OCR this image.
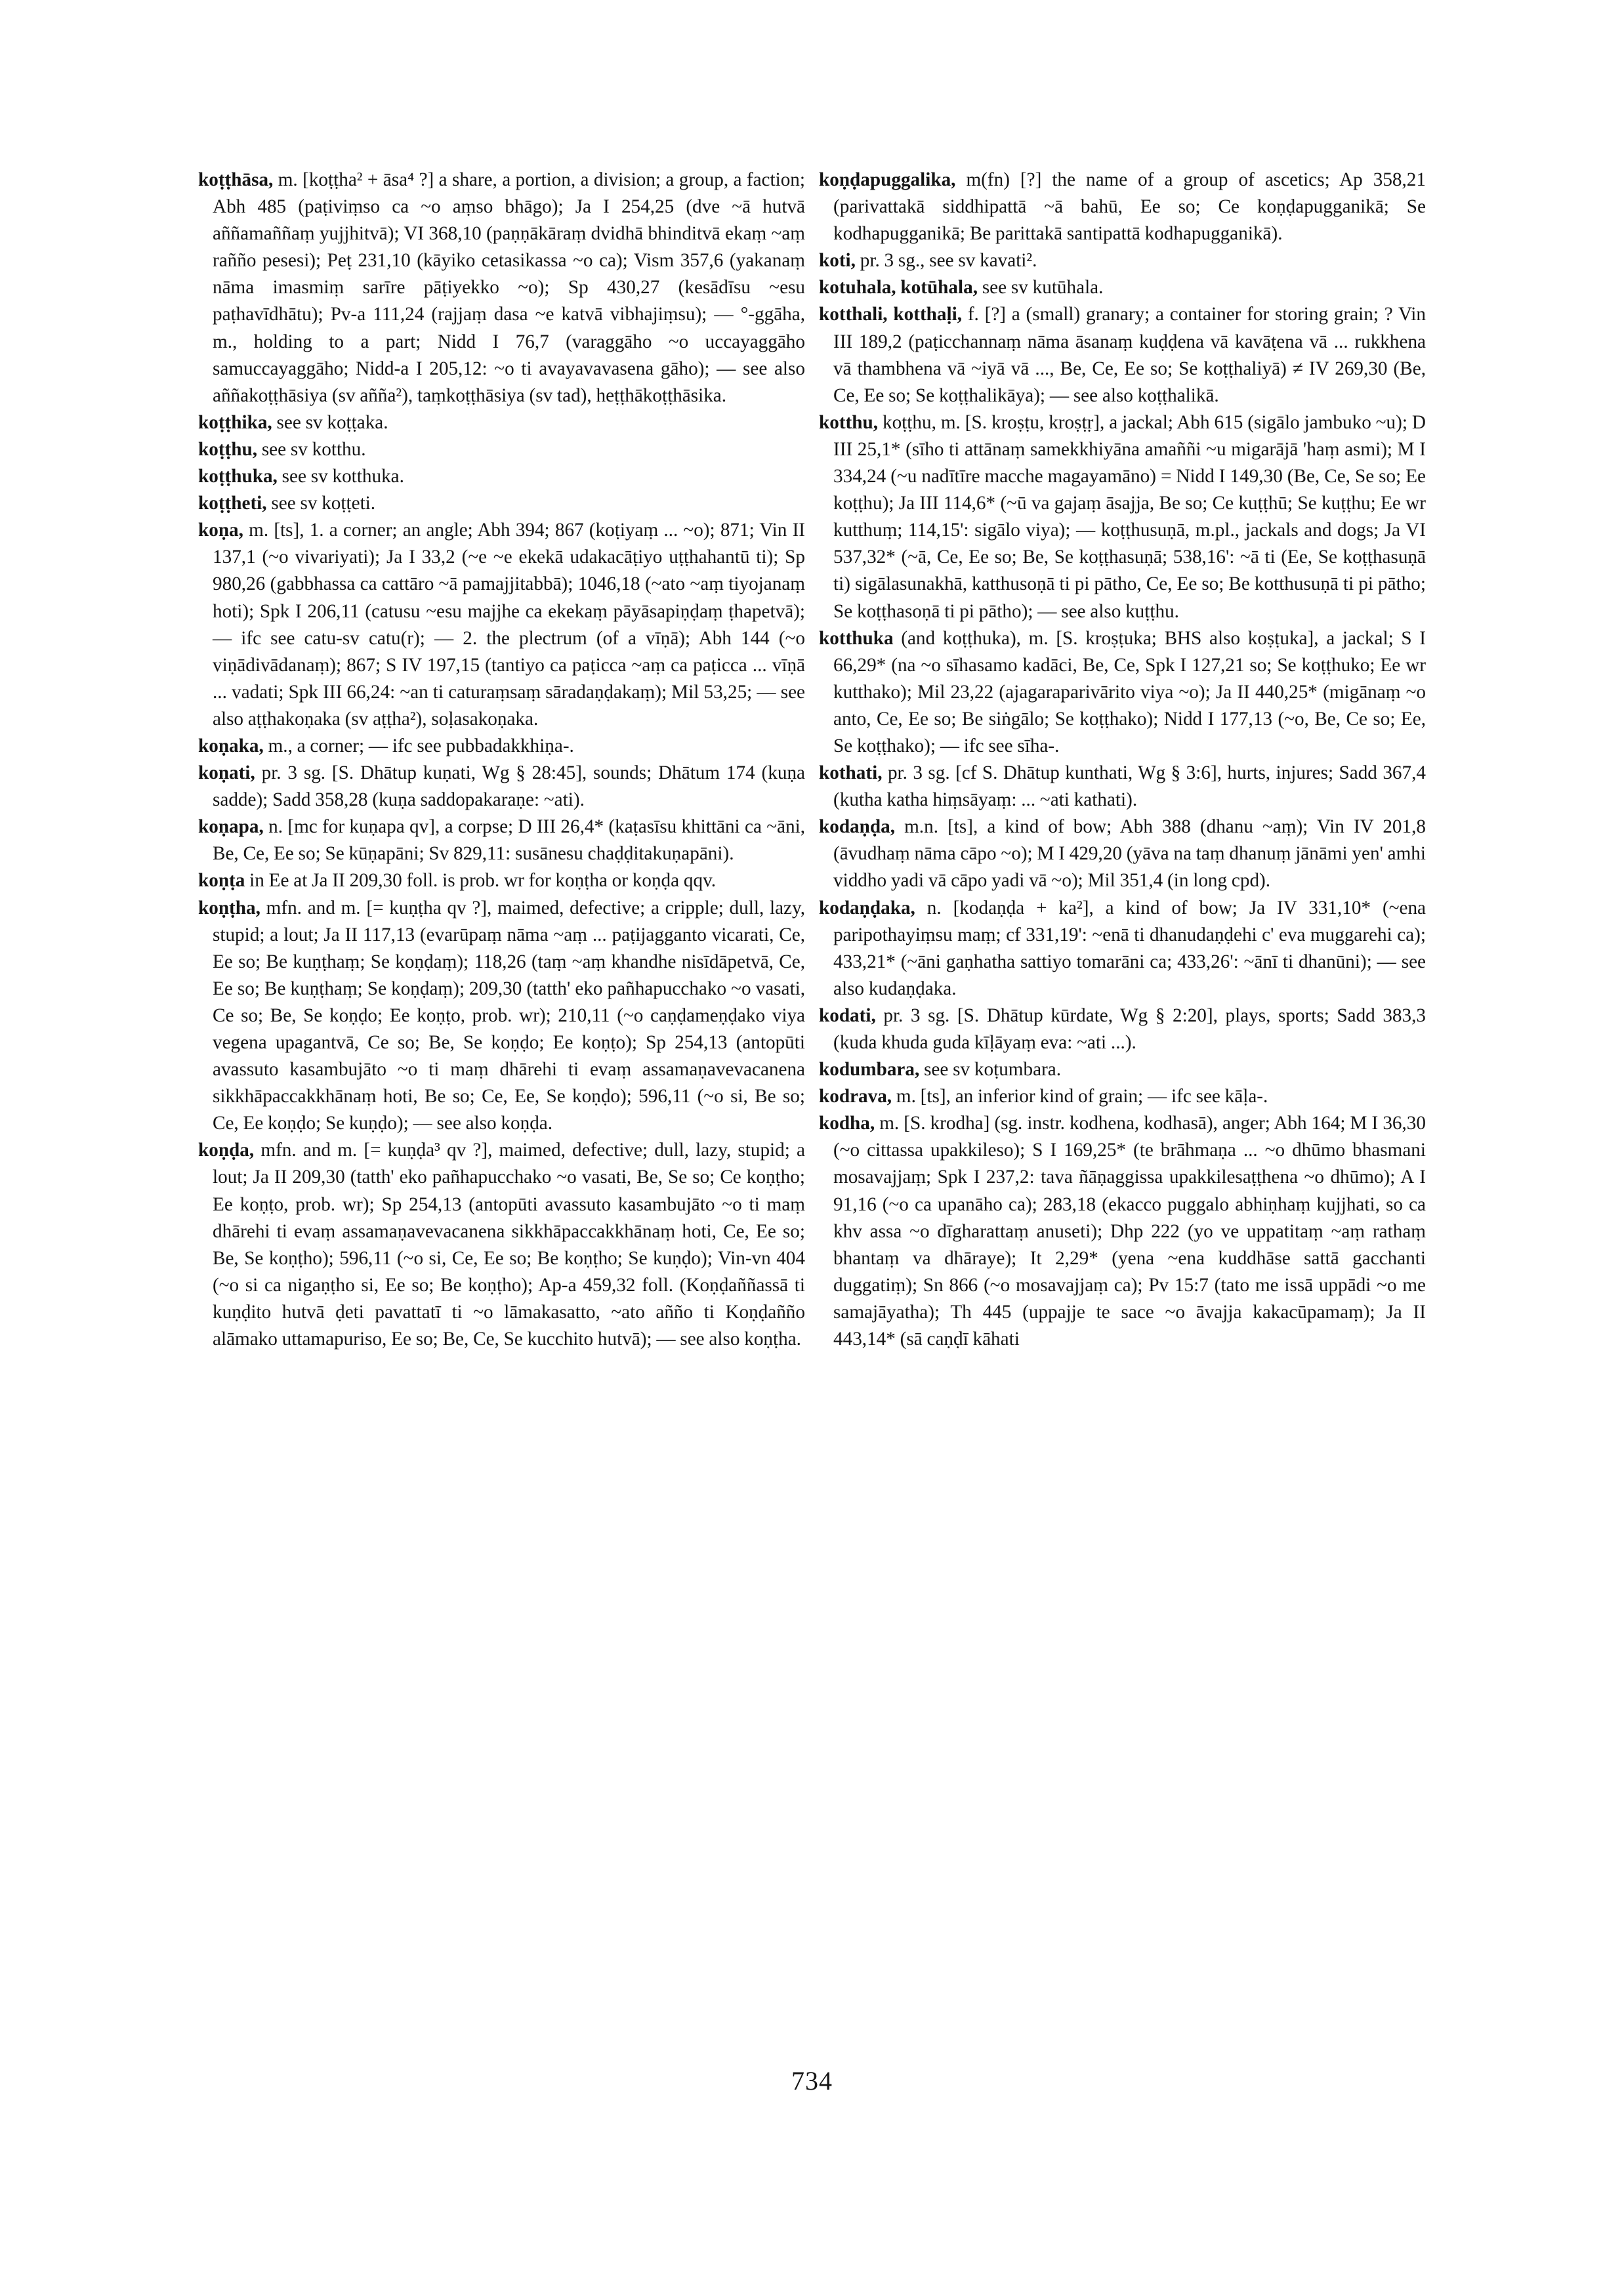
koṭṭhāsa, m. [koṭṭha² + āsa⁴ ?] a share, a portion, a division; a group, a faction; Abh 485 (paṭiviṃso ca ~o aṃso bhāgo); Ja I 254,25 (dve ~ā hutvā aññamaññaṃ yujjhitvā); VI 368,10 (paṇṇākāraṃ dvidhā bhinditvā ekaṃ ~aṃ rañño pesesi); Peṭ 231,10 (kāyiko cetasikassa ~o ca); Vism 357,6 (yakanaṃ nāma imasmiṃ sarīre pāṭiyekko ~o); Sp 430,27 (kesādīsu ~esu paṭhavīdhātu); Pv-a 111,24 (rajjaṃ dasa ~e katvā vibhajiṃsu); — °-ggāha, m., holding to a part; Nidd I 76,7 (varaggāho ~o uccayaggāho samuccayaggāho; Nidd-a I 205,12: ~o ti avayavavasena gāho); — see also aññakoṭṭhāsiya (sv añña²), taṃkoṭṭhāsiya (sv tad), heṭṭhākoṭṭhāsika.

koṭṭhika, see sv koṭṭaka.

koṭṭhu, see sv kotthu.

koṭṭhuka, see sv kotthuka.

koṭṭheti, see sv koṭṭeti.

koṇa, m. [ts], 1. a corner; an angle; Abh 394; 867 (koṭiyaṃ ... ~o); 871; Vin II 137,1 (~o vivariyati); Ja I 33,2 (~e ~e ekekā udakacāṭiyo uṭṭhahantū ti); Sp 980,26 (gabbhassa ca cattāro ~ā pamajjitabbā); 1046,18 (~ato ~aṃ tiyojanaṃ hoti); Spk I 206,11 (catusu ~esu majjhe ca ekekaṃ pāyāsapiṇḍaṃ ṭhapetvā); — ifc see catu-sv catu(r); — 2. the plectrum (of a vīṇā); Abh 144 (~o viṇādivādanaṃ); 867; S IV 197,15 (tantiyo ca paṭicca ~aṃ ca paṭicca ... vīṇā ... vadati; Spk III 66,24: ~an ti caturaṃsaṃ sāradaṇḍakaṃ); Mil 53,25; — see also aṭṭhakoṇaka (sv aṭṭha²), soḷasakoṇaka.

koṇaka, m., a corner; — ifc see pubbadakkhiṇa-.

koṇati, pr. 3 sg. [S. Dhātup kuṇati, Wg § 28:45], sounds; Dhātum 174 (kuṇa sadde); Sadd 358,28 (kuṇa saddopakaraṇe: ~ati).

koṇapa, n. [mc for kuṇapa qv], a corpse; D III 26,4* (kaṭasīsu khittāni ca ~āni, Be, Ce, Ee so; Se kūṇapāni; Sv 829,11: susānesu chaḍḍitakuṇapāni).

koṇṭa in Ee at Ja II 209,30 foll. is prob. wr for koṇṭha or koṇḍa qqv.

koṇṭha, mfn. and m. [= kuṇṭha qv ?], maimed, defective; a cripple; dull, lazy, stupid; a lout; Ja II 117,13 (evarūpaṃ nāma ~aṃ ... paṭijagganto vicarati, Ce, Ee so; Be kuṇṭhaṃ; Se koṇḍaṃ); 118,26 (taṃ ~aṃ khandhe nisīdāpetvā, Ce, Ee so; Be kuṇṭhaṃ; Se koṇḍaṃ); 209,30 (tatth' eko pañhapucchako ~o vasati, Ce so; Be, Se koṇḍo; Ee koṇṭo, prob. wr); 210,11 (~o caṇḍameṇḍako viya vegena upagantvā, Ce so; Be, Se koṇḍo; Ee koṇṭo); Sp 254,13 (antopūti avassuto kasambujāto ~o ti maṃ dhārehi ti evaṃ assamaṇavevacanena sikkhāpaccakkhānaṃ hoti, Be so; Ce, Ee, Se koṇḍo); 596,11 (~o si, Be so; Ce, Ee koṇḍo; Se kuṇḍo); — see also koṇḍa.

koṇḍa, mfn. and m. [= kuṇḍa³ qv ?], maimed, defective; dull, lazy, stupid; a lout; Ja II 209,30 (tatth' eko pañhapucchako ~o vasati, Be, Se so; Ce koṇṭho; Ee koṇṭo, prob. wr); Sp 254,13 (antopūti avassuto kasambujāto ~o ti maṃ dhārehi ti evaṃ assamaṇavevacanena sikkhāpaccakkhānaṃ hoti, Ce, Ee so; Be, Se koṇṭho); 596,11 (~o si, Ce, Ee so; Be koṇṭho; Se kuṇḍo); Vin-vn 404 (~o si ca nigaṇṭho si, Ee so; Be koṇṭho); Ap-a 459,32 foll. (Koṇḍaññassā ti kuṇḍito hutvā ḍeti pavattatī ti ~o lāmakasatto, ~ato añño ti Koṇḍañño alāmako uttamapuriso, Ee so; Be, Ce, Se kucchito hutvā); — see also koṇṭha.

koṇḍapuggalika, m(fn) [?] the name of a group of ascetics; Ap 358,21 (parivattakā siddhipattā ~ā bahū, Ee so; Ce koṇḍapugganikā; Se kodhapugganikā; Be parittakā santipattā kodhapugganikā).

koti, pr. 3 sg., see sv kavati².

kotuhala, kotūhala, see sv kutūhala.

kotthali, kotthaḷi, f. [?] a (small) granary; a container for storing grain; ? Vin III 189,2 (paṭicchannaṃ nāma āsanaṃ kuḍḍena vā kavāṭena vā ... rukkhena vā thambhena vā ~iyā vā ..., Be, Ce, Ee so; Se koṭṭhaliyā) ≠ IV 269,30 (Be, Ce, Ee so; Se koṭṭhalikāya); — see also koṭṭhalikā.

kotthu, koṭṭhu, m. [S. kroṣṭu, kroṣṭṛ], a jackal; Abh 615 (sigālo jambuko ~u); D III 25,1* (sīho ti attānaṃ samekkhiyāna amaññi ~u migarājā 'haṃ asmi); M I 334,24 (~u nadītīre macche magayamāno) = Nidd I 149,30 (Be, Ce, Se so; Ee koṭṭhu); Ja III 114,6* (~ū va gajaṃ āsajja, Be so; Ce kuṭṭhū; Se kuṭṭhu; Ee wr kutthuṃ; 114,15': sigālo viya); — koṭṭhusuṇā, m.pl., jackals and dogs; Ja VI 537,32* (~ā, Ce, Ee so; Be, Se koṭṭhasuṇā; 538,16': ~ā ti (Ee, Se koṭṭhasuṇā ti) sigālasunakhā, katthusoṇā ti pi pātho, Ce, Ee so; Be kotthusuṇā ti pi pātho; Se koṭṭhasoṇā ti pi pātho); — see also kuṭṭhu.

kotthuka (and koṭṭhuka), m. [S. kroṣṭuka; BHS also koṣṭuka], a jackal; S I 66,29* (na ~o sīhasamo kadāci, Be, Ce, Spk I 127,21 so; Se koṭṭhuko; Ee wr kutthako); Mil 23,22 (ajagaraparivārito viya ~o); Ja II 440,25* (migānaṃ ~o anto, Ce, Ee so; Be siṅgālo; Se koṭṭhako); Nidd I 177,13 (~o, Be, Ce so; Ee, Se koṭṭhako); — ifc see sīha-.

kothati, pr. 3 sg. [cf S. Dhātup kunthati, Wg § 3:6], hurts, injures; Sadd 367,4 (kutha katha hiṃsāyaṃ: ... ~ati kathati).

kodaṇḍa, m.n. [ts], a kind of bow; Abh 388 (dhanu ~aṃ); Vin IV 201,8 (āvudhaṃ nāma cāpo ~o); M I 429,20 (yāva na taṃ dhanuṃ jānāmi yen' amhi viddho yadi vā cāpo yadi vā ~o); Mil 351,4 (in long cpd).

kodaṇḍaka, n. [kodaṇḍa + ka²], a kind of bow; Ja IV 331,10* (~ena paripothayiṃsu maṃ; cf 331,19': ~enā ti dhanudaṇḍehi c' eva muggarehi ca); 433,21* (~āni gaṇhatha sattiyo tomarāni ca; 433,26': ~ānī ti dhanūni); — see also kudaṇḍaka.

kodati, pr. 3 sg. [S. Dhātup kūrdate, Wg § 2:20], plays, sports; Sadd 383,3 (kuda khuda guda kīḷāyaṃ eva: ~ati ...).

kodumbara, see sv koṭumbara.

kodrava, m. [ts], an inferior kind of grain; — ifc see kāḷa-.

kodha, m. [S. krodha] (sg. instr. kodhena, kodhasā), anger; Abh 164; M I 36,30 (~o cittassa upakkileso); S I 169,25* (te brāhmaṇa ... ~o dhūmo bhasmani mosavajjaṃ; Spk I 237,2: tava ñāṇaggissa upakkilesaṭṭhena ~o dhūmo); A I 91,16 (~o ca upanāho ca); 283,18 (ekacco puggalo abhiṇhaṃ kujjhati, so ca khv assa ~o dīgharattaṃ anuseti); Dhp 222 (yo ve uppatitaṃ ~aṃ rathaṃ bhantaṃ va dhāraye); It 2,29* (yena ~ena kuddhāse sattā gacchanti duggatiṃ); Sn 866 (~o mosavajjaṃ ca); Pv 15:7 (tato me issā uppādi ~o me samajāyatha); Th 445 (uppajje te sace ~o āvajja kakacūpamaṃ); Ja II 443,14* (sā caṇḍī kāhati

734
